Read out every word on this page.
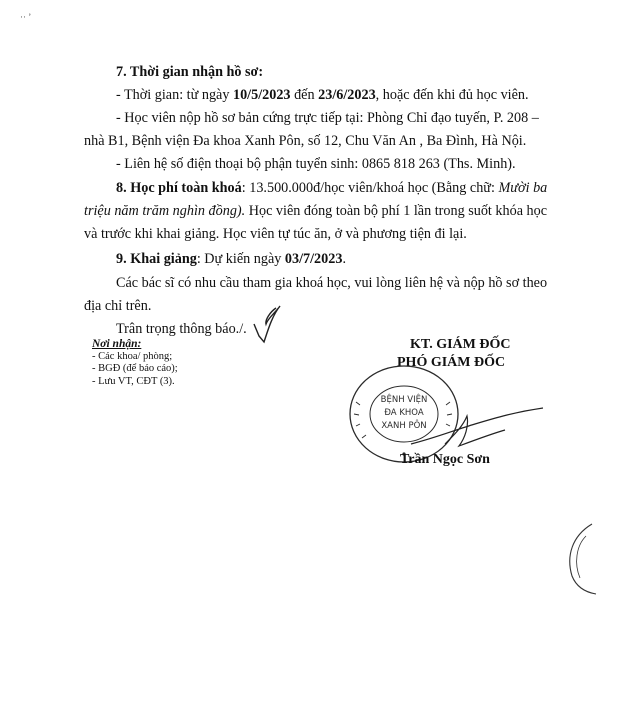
·· ʼ
7. Thời gian nhận hồ sơ:
- Thời gian: từ ngày 10/5/2023 đến 23/6/2023, hoặc đến khi đủ học viên.
- Học viên nộp hồ sơ bản cứng trực tiếp tại: Phòng Chỉ đạo tuyến, P. 208 –
nhà B1, Bệnh viện Đa khoa Xanh Pôn, số 12, Chu Văn An , Ba Đình, Hà Nội.
- Liên hệ số điện thoại bộ phận tuyển sinh: 0865 818 263 (Ths. Minh).
8. Học phí toàn khoá: 13.500.000đ/học viên/khoá học (Bằng chữ: Mười ba
triệu năm trăm nghìn đồng). Học viên đóng toàn bộ phí 1 lần trong suốt khóa học
và trước khi khai giảng. Học viên tự túc ăn, ở và phương tiện đi lại.
9. Khai giảng: Dự kiến ngày 03/7/2023.
Các bác sĩ có nhu cầu tham gia khoá học, vui lòng liên hệ và nộp hồ sơ theo
địa chỉ trên.
Trân trọng thông báo./.
Nơi nhận:
- Các khoa/ phòng;
- BGĐ (để báo cáo);
- Lưu VT, CĐT (3).
KT. GIÁM ĐỐC
PHÓ GIÁM ĐỐC
BỆNH VIỆN
ĐA KHOA
XANH PÔN
Trần Ngọc Sơn
